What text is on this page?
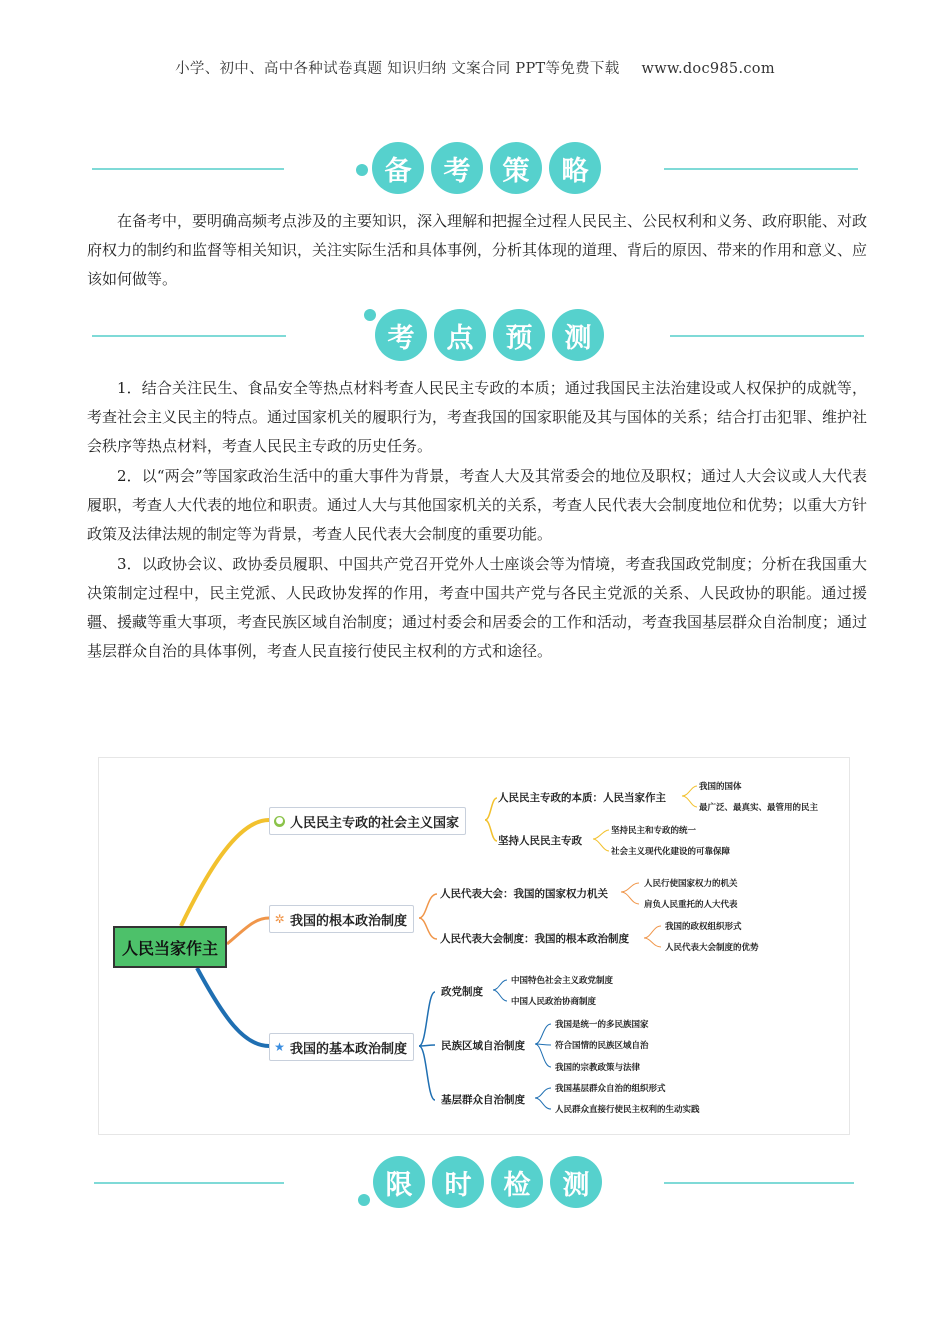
小学、初中、高中各种试卷真题 知识归纳 文案合同 PPT等免费下载 www.doc985.com
备	考	策	略

在备考中，要明确高频考点涉及的主要知识，深入理解和把握全过程人民民主、公民权利和义务、政府职能、对政府权力的制约和监督等相关知识，关注实际生活和具体事例，分析其体现的道理、背后的原因、带来的作用和意义、应该如何做等。

考	点	预	测

1．结合关注民生、食品安全等热点材料考查人民民主专政的本质；通过我国民主法治建设或人权保护的成就等，考查社会主义民主的特点。通过国家机关的履职行为，考查我国的国家职能及其与国体的关系；结合打击犯罪、维护社会秩序等热点材料，考查人民民主专政的历史任务。

2．以“两会”等国家政治生活中的重大事件为背景，考查人大及其常委会的地位及职权；通过人大会议或人大代表履职，考查人大代表的地位和职责。通过人大与其他国家机关的关系，考查人民代表大会制度地位和优势；以重大方针政策及法律法规的制定等为背景，考查人民代表大会制度的重要功能。

3．以政协会议、政协委员履职、中国共产党召开党外人士座谈会等为情境，考查我国政党制度；分析在我国重大决策制定过程中，民主党派、人民政协发挥的作用，考查中国共产党与各民主党派的关系、人民政协的职能。通过援疆、援藏等重大事项，考查民族区域自治制度；通过村委会和居委会的工作和活动，考查我国基层群众自治制度；通过基层群众自治的具体事例，考查人民直接行使民主权利的方式和途径。

人民当家作主
● 人民民主专政的社会主义国家
人民民主专政的本质：人民当家作主
坚持人民民主专政
我国的国体
最广泛、最真实、最管用的民主
坚持民主和专政的统一
社会主义现代化建设的可靠保障
✲ 我国的根本政治制度
人民代表大会：我国的国家权力机关
人民代表大会制度：我国的根本政治制度
人民行使国家权力的机关
肩负人民重托的人大代表
我国的政权组织形式
人民代表大会制度的优势
★ 我国的基本政治制度
政党制度
民族区域自治制度
基层群众自治制度
中国特色社会主义政党制度
中国人民政治协商制度
我国是统一的多民族国家
符合国情的民族区域自治
我国的宗教政策与法律
我国基层群众自治的组织形式
人民群众直接行使民主权利的生动实践
限	时	检	测
